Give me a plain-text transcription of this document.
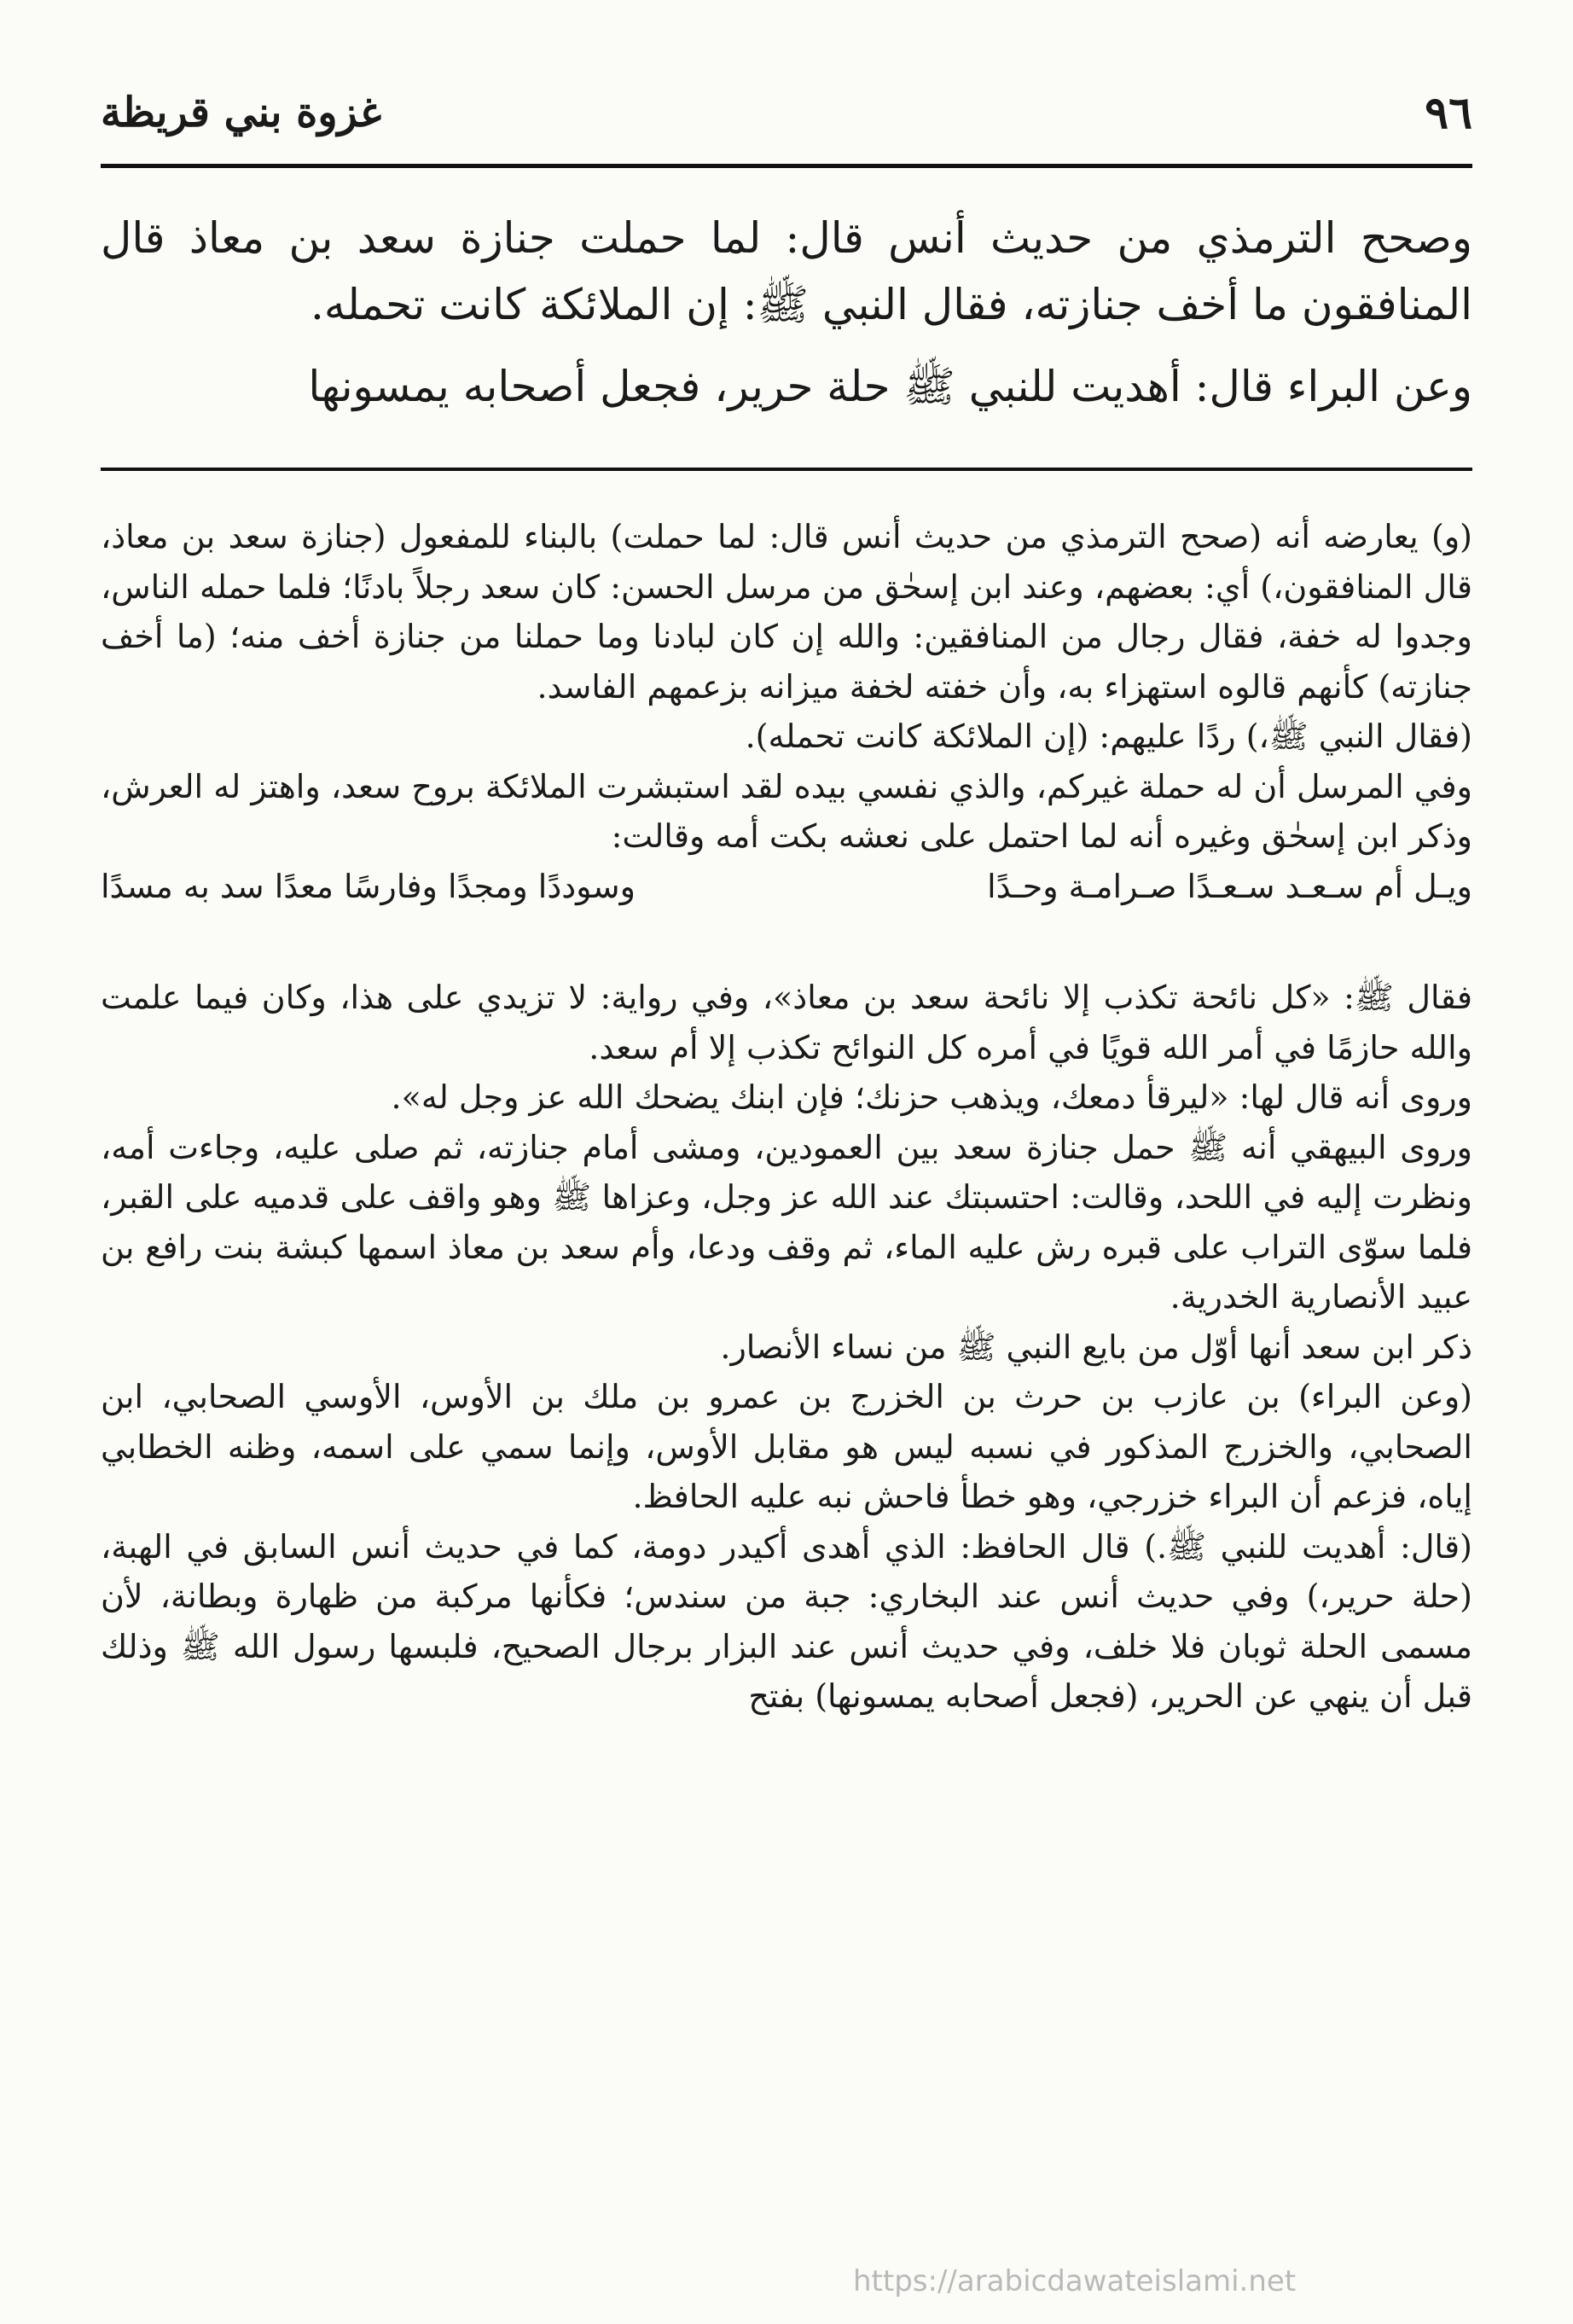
٩٦
غزوة بني قريظة

وصحح الترمذي من حديث أنس قال: لما حملت جنازة سعد بن معاذ قال المنافقون ما أخف جنازته، فقال النبي ﷺ: إن الملائكة كانت تحمله.

وعن البراء قال: أهديت للنبي ﷺ حلة حرير، فجعل أصحابه يمسونها

(و) يعارضه أنه (صحح الترمذي من حديث أنس قال: لما حملت) بالبناء للمفعول (جنازة سعد بن معاذ، قال المنافقون،) أي: بعضهم، وعند ابن إسحٰق من مرسل الحسن: كان سعد رجلاً بادنًا؛ فلما حمله الناس، وجدوا له خفة، فقال رجال من المنافقين: والله إن كان لبادنا وما حملنا من جنازة أخف منه؛ (ما أخف جنازته) كأنهم قالوه استهزاء به، وأن خفته لخفة ميزانه بزعمهم الفاسد.

(فقال النبي ﷺ،) ردًا عليهم: (إن الملائكة كانت تحمله).

وفي المرسل أن له حملة غيركم، والذي نفسي بيده لقد استبشرت الملائكة بروح سعد، واهتز له العرش، وذكر ابن إسحٰق وغيره أنه لما احتمل على نعشه بكت أمه وقالت:

ويـل أم سـعـد سـعـدًا صـرامـة وحـدًا
وسوددًا ومجدًا وفارسًا معدًا سد به مسدًا

فقال ﷺ: «كل نائحة تكذب إلا نائحة سعد بن معاذ»، وفي رواية: لا تزيدي على هذا، وكان فيما علمت والله حازمًا في أمر الله قويًا في أمره كل النوائح تكذب إلا أم سعد.

وروى أنه قال لها: «ليرقأ دمعك، ويذهب حزنك؛ فإن ابنك يضحك الله عز وجل له».

وروى البيهقي أنه ﷺ حمل جنازة سعد بين العمودين، ومشى أمام جنازته، ثم صلى عليه، وجاءت أمه، ونظرت إليه في اللحد، وقالت: احتسبتك عند الله عز وجل، وعزاها ﷺ وهو واقف على قدميه على القبر، فلما سوّى التراب على قبره رش عليه الماء، ثم وقف ودعا، وأم سعد بن معاذ اسمها كبشة بنت رافع بن عبيد الأنصارية الخدرية.

ذكر ابن سعد أنها أوّل من بايع النبي ﷺ من نساء الأنصار.

(وعن البراء) بن عازب بن حرث بن الخزرج بن عمرو بن ملك بن الأوس، الأوسي الصحابي، ابن الصحابي، والخزرج المذكور في نسبه ليس هو مقابل الأوس، وإنما سمي على اسمه، وظنه الخطابي إياه، فزعم أن البراء خزرجي، وهو خطأ فاحش نبه عليه الحافظ.

(قال: أهديت للنبي ﷺ.) قال الحافظ: الذي أهدى أكيدر دومة، كما في حديث أنس السابق في الهبة، (حلة حرير،) وفي حديث أنس عند البخاري: جبة من سندس؛ فكأنها مركبة من ظهارة وبطانة، لأن مسمى الحلة ثوبان فلا خلف، وفي حديث أنس عند البزار برجال الصحيح، فلبسها رسول الله ﷺ وذلك قبل أن ينهي عن الحرير، (فجعل أصحابه يمسونها) بفتح

https://arabicdawateislami.net
